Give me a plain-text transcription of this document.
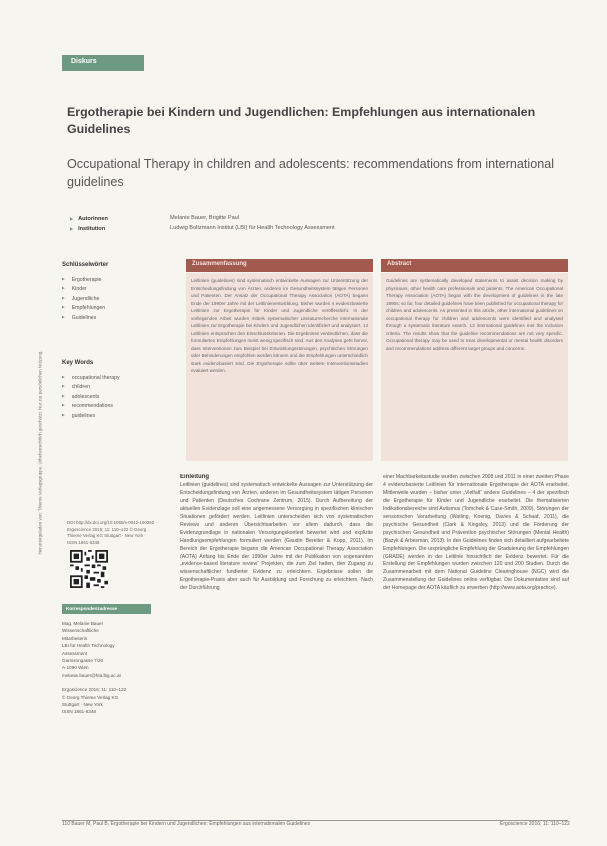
Heruntergeladen von: Thieme Verlagsgruppe. Urheberrechtlich geschützt. Nur zur persönlichen Nutzung.
Diskurs
Ergotherapie bei Kindern und Jugendlichen: Empfehlungen aus internationalen Guidelines
Occupational Therapy in children and adolescents: recommendations from international guidelines
▶ Autorinnen	Melanie Bauer, Brigitte Paul
▶ Institution	Ludwig Boltzmann Institut (LBI) für Health Technology Assessment
Schlüsselwörter
▶ Ergotherapie
▶ Kinder
▶ Jugendliche
▶ Empfehlungen
▶ Guidelines
Key Words
▶ occupational therapy
▶ children
▶ adolescents
▶ recommendations
▶ guidelines
Zusammenfassung

Leitlinien (guidelines) sind systematisch entwickelte Aussagen zur Unterstützung der Entscheidungsfindung von Ärzten, anderen im Gesundheitssystem tätigen Personen und Patienten. Der Ansatz der Occupational Therapy Association (AOTA) begann Ende der 1990er Jahre mit der Leitlinienentwicklung. Bisher wurden 4 evidenzbasierte Leitlinien zur Ergotherapie für Kinder und Jugendliche veröffentlicht. In der vorliegenden Arbeit wurden mittels systematischer Literaturrecherche internationale Leitlinien zur Ergotherapie bei Kindern und Jugendlichen identifiziert und analysiert. 13 Leitlinien entsprachen den Einschlusskriterien. Die Ergebnisse verdeutlichen, dass die formulierten Empfehlungen meist wenig spezifisch sind. Aus den Analysen geht hervor, dass Interventionen zum Beispiel bei Entwicklungsstörungen, psychischen Störungen oder Behinderungen empfohlen werden können und die Empfehlungen unterschiedlich stark evidenzbasiert sind. Die Ergotherapie sollte über weitere Interventionsstudien evaluiert werden.

Abstract

Guidelines are systematically developed statements to assist decision making by physicians, other health care professionals and patients. The American Occupational Therapy Association (AOTA) began with the development of guidelines in the late 1990s; so far, four detailed guidelines have been published for occupational therapy for children and adolescents. As presented in this article, other international guidelines on occupational therapy for children and adolescents were identified and analysed through a systematic literature search. 13 international guidelines met the inclusion criteria. The results show that the guideline recommendations are not very specific. Occupational therapy may be used to treat developmental or mental health disorders and recommendations address different target groups and concerns.

DOI http://dx.doi.org/10.1055/s-0042-100250 · Ergoscience 2016; 11: 110–122 © Georg Thieme Verlag KG Stuttgart · New York · ISSN 1861-6348
Korrespondenzadresse
Mag. Melanie Bauer
Wissenschaftliche
Mitarbeiterin
LBI für Health Technology
Assessment
Garnisongasse 7/20
A-1090 Wien
melanie.bauer@hta.lbg.ac.at
Ergoscience 2016; 11: 110–122
© Georg Thieme Verlag KG
Stuttgart · New York
ISSN 1861-6348
Einleitung

Leitlinien (guidelines) sind systematisch entwickelte Aussagen zur Unterstützung der Entscheidungsfindung von Ärzten, anderen im Gesundheitssystem tätigen Personen und Patienten (Deutsches Cochrane Zentrum, 2015). Durch Aufbereitung der aktuellen Evidenzlage soll eine angemessene Versorgung in spezifischen klinischen Situationen gefördert werden. Leitlinien unterscheiden sich von systematischen Reviews und anderen Übersichtsarbeiten vor allem dadurch, dass die Evidenzgrundlage in nationalen Versorgungskontext bewertet wird und explizite Handlungsempfehlungen formuliert werden (Gaudin Bereiter & Kopp, 2011). Im Bereich der Ergotherapie begann die American Occupational Therapy Association (AOTA) Anfang bis Ende der 1990er Jahre mit der Publikation von sogenannten „evidence-based literature review“ Projekten, die zum Ziel hatten, den Zugang zu wissenschaftlicher fundierter Evidenz zu erleichtern. Ergebnisse sollen die Ergotherapie-Praxis aber auch für Ausbildung und Forschung zu erleichtern. Nach der Durchführung

einer Machbarkeitsstudie wurden zwischen 2008 und 2011 in einer zweiten Phase 4 evidenzbasierte Leitlinien für internationale Ergotherapie der AOTA erarbeitet. Mittlerweile wurden – bisher unter „Vielfalt“ andere Guidelines – 4 der spezifisch die Ergotherapie für Kinder und Jugendliche erarbeitet. Die thematisierten Indikationsbereiche sind Autismus (Tomchek & Case-Smith, 2009), Störungen der sensorischen Verarbeitung (Watling, Koenig, Davies & Schaaf, 2011), die psychische Gesundheit (Clark & Kingsley, 2013) und die Förderung der psychischen Gesundheit und Prävention psychischer Störungen (Mental Health) (Bazyk & Arbesman, 2013). In den Guidelines finden sich detailliert aufgearbeitete Empfehlungen. Die ursprüngliche Empfehlung der Graduierung der Empfehlungen (GRADE) werden in der Leitlinie hinsichtlich der Evidenz bewertet. Für die Erstellung der Empfehlungen wurden zwischen 120 und 200 Studien. Durch die Zusammenarbeit mit dem National Guideline Clearinghouse (NGC) wird die Zusammenstellung der Guidelines online verfügbar. Die Dokumentation sind auf der Homepage der AOTA käuflich zu erwerben (http://www.aota.org/practice).

110 Bauer M, Paul B. Ergotherapie bei Kindern und Jugendlichen: Empfehlungen aus internationalen Guidelines	Ergoscience 2016; 11: 110–122
